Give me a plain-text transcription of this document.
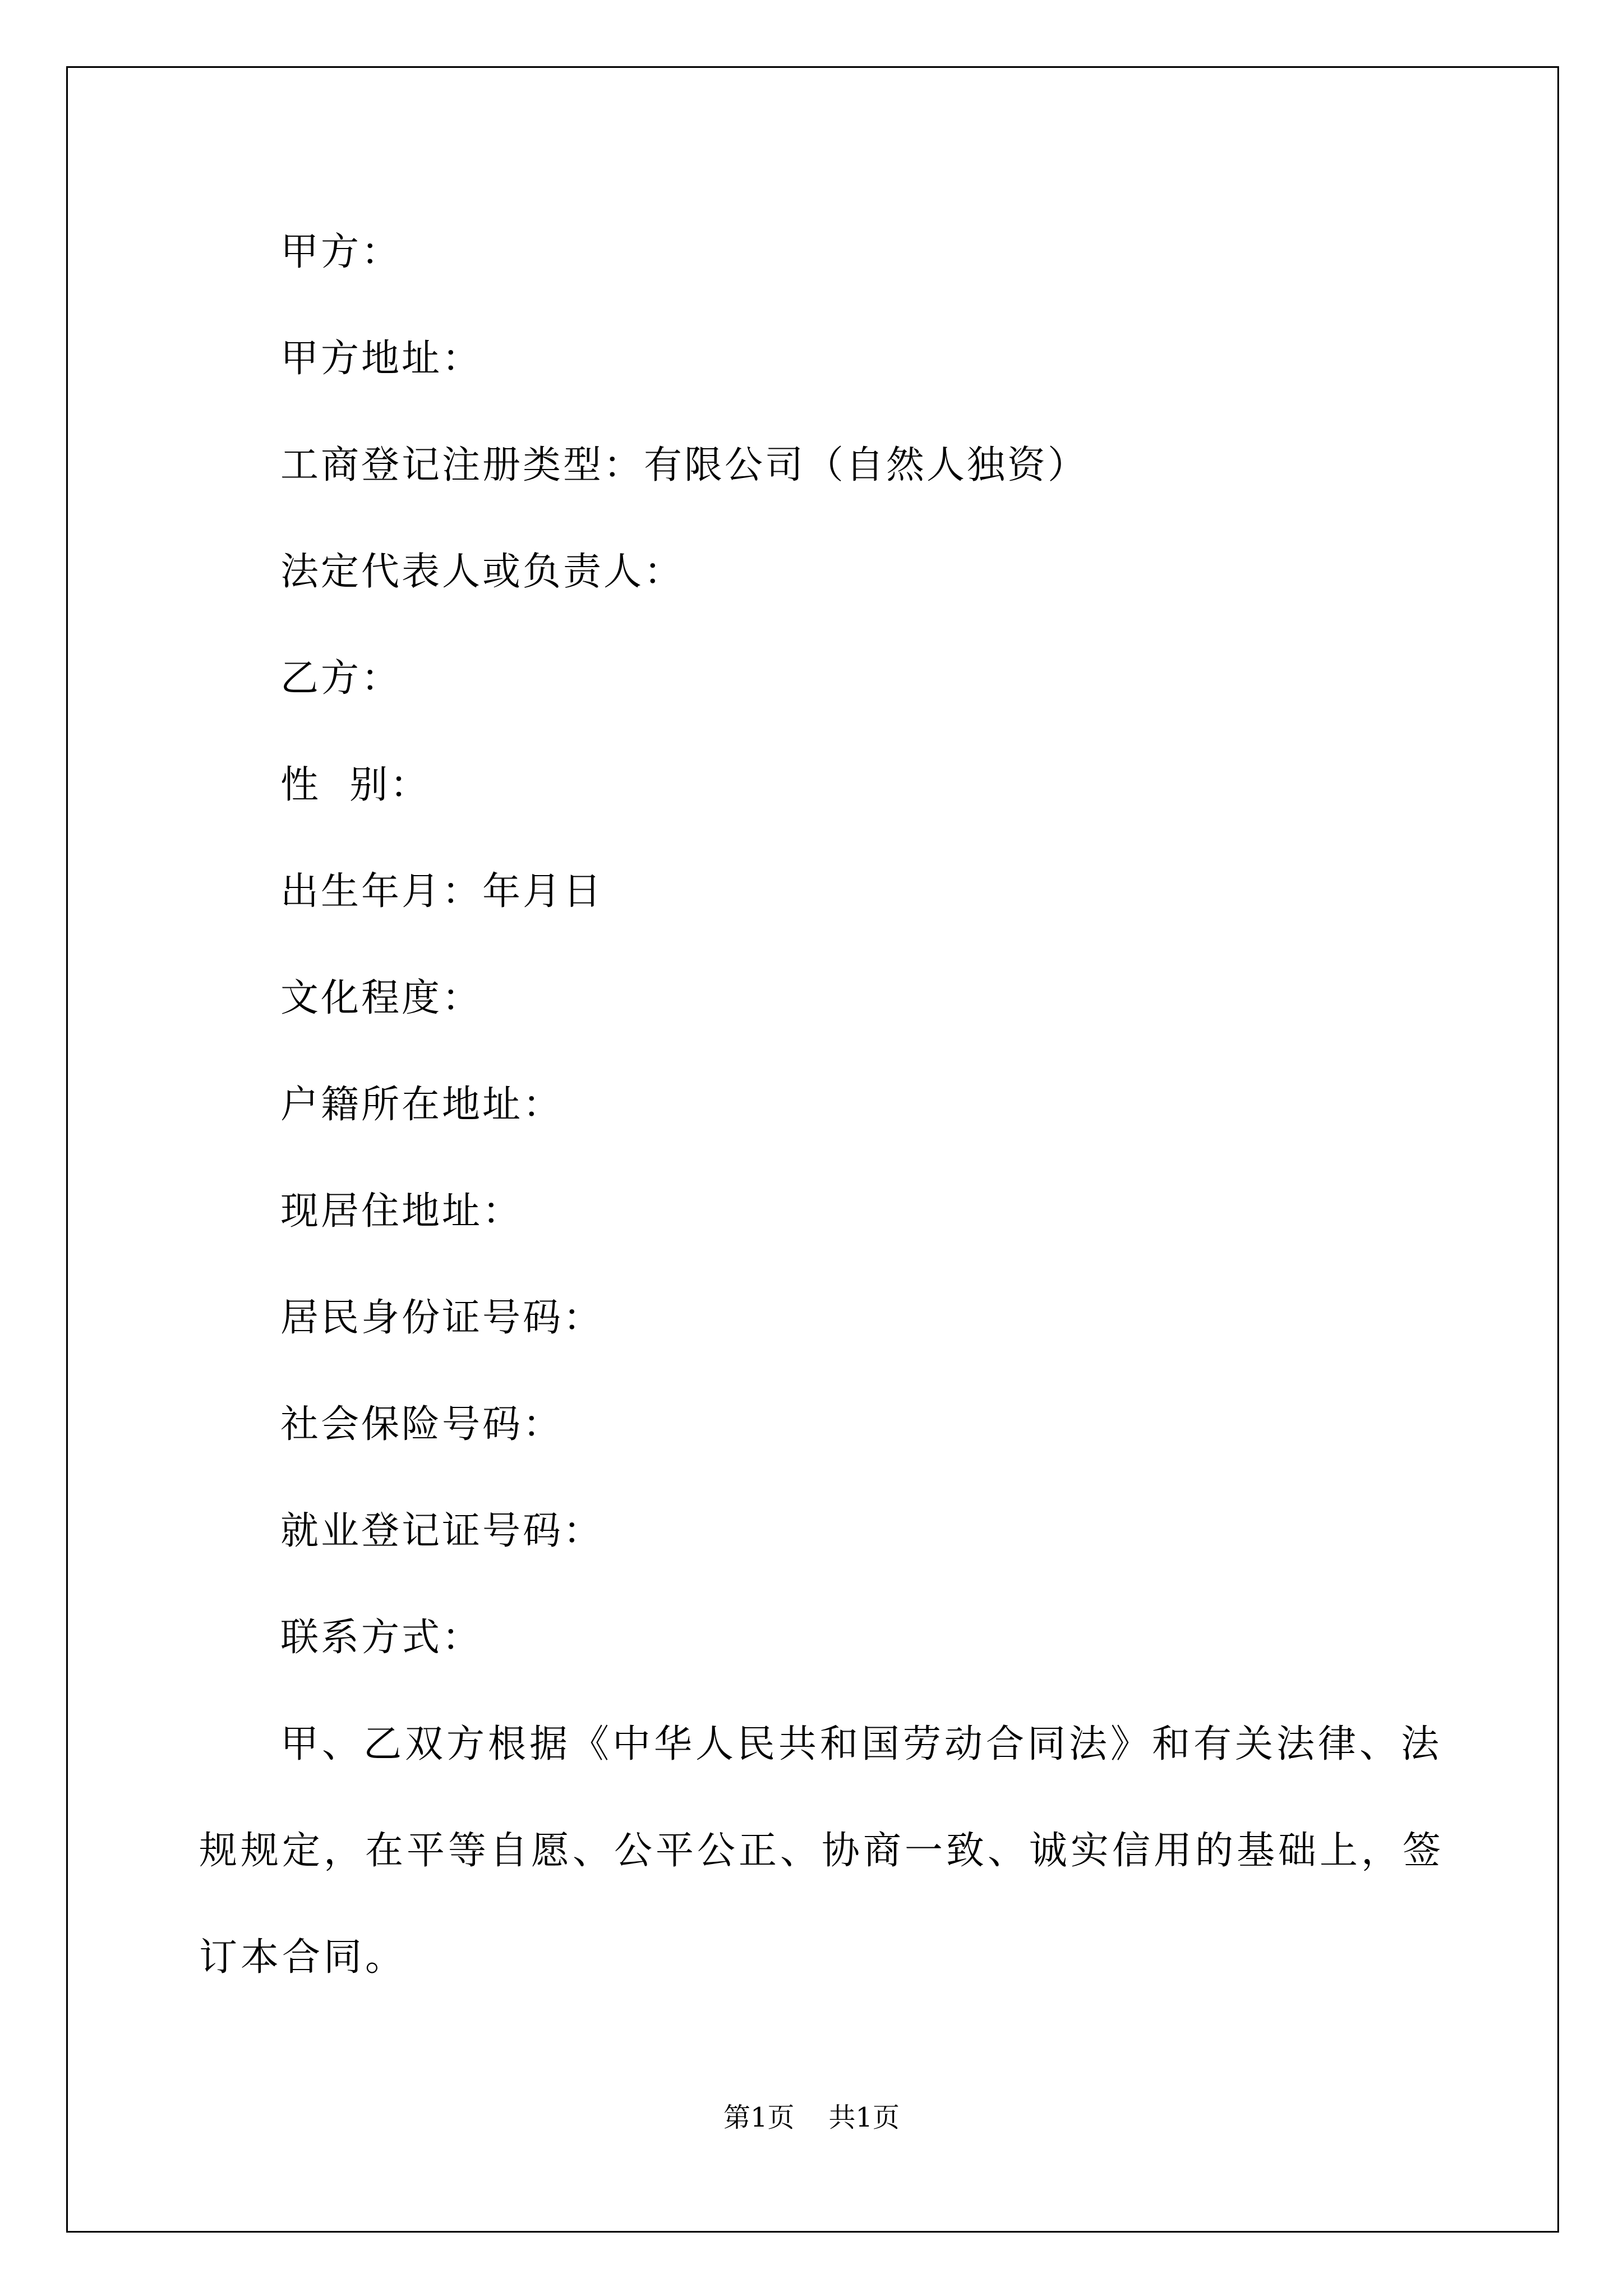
甲方：
甲方地址：
工商登记注册类型：有限公司（自然人独资）
法定代表人或负责人：
乙方：
性  别：
出生年月：年月日
文化程度：
户籍所在地址：
现居住地址：
居民身份证号码：
社会保险号码：
就业登记证号码：
联系方式：
甲、乙双方根据《中华人民共和国劳动合同法》和有关法律、法
规规定，在平等自愿、公平公正、协商一致、诚实信用的基础上，签
订本合同。
第1页    共1页
